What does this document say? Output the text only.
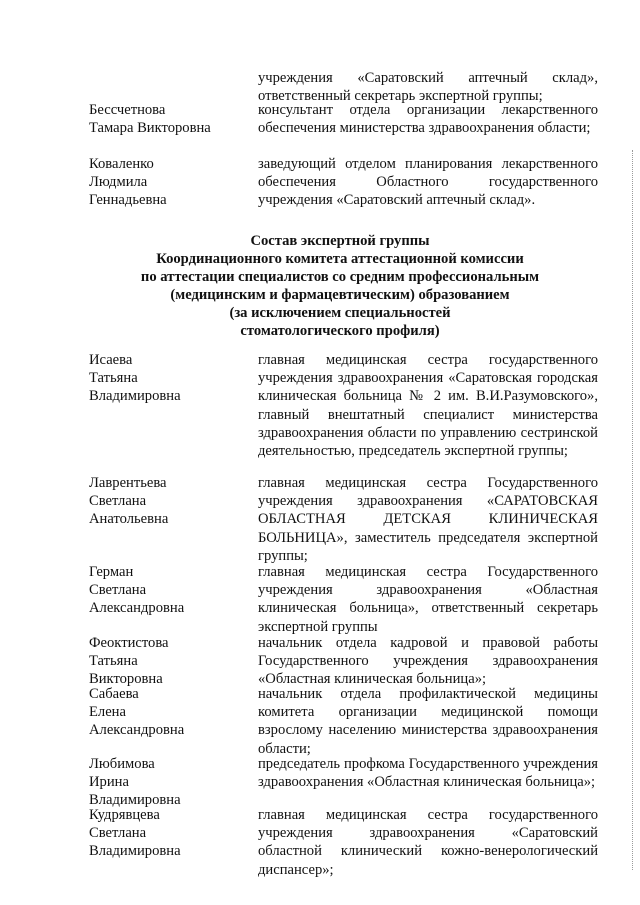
учреждения «Саратовский аптечный склад», ответственный секретарь экспертной группы;
Бессчетнова
Тамара Викторовна
консультант отдела организации лекарственного обеспечения министерства здравоохранения области;
Коваленко
Людмила
Геннадьевна
заведующий отделом планирования лекарственного обеспечения Областного государственного учреждения «Саратовский аптечный склад».
Состав экспертной группы
Координационного комитета аттестационной комиссии
по аттестации специалистов со средним профессиональным
(медицинским и фармацевтическим) образованием
(за исключением специальностей
стоматологического профиля)
Исаева
Татьяна
Владимировна
главная медицинская сестра государственного учреждения здравоохранения «Саратовская городская клиническая больница № 2 им. В.И.Разумовского», главный внештатный специалист министерства здравоохранения области по управлению сестринской деятельностью, председатель экспертной группы;
Лаврентьева
Светлана
Анатольевна
главная медицинская сестра Государственного учреждения здравоохранения «САРАТОВСКАЯ ОБЛАСТНАЯ ДЕТСКАЯ КЛИНИЧЕСКАЯ БОЛЬНИЦА», заместитель председателя экспертной группы;
Герман
Светлана
Александровна
главная медицинская сестра Государственного учреждения здравоохранения «Областная клиническая больница», ответственный секретарь экспертной группы
Феоктистова
Татьяна
Викторовна
начальник отдела кадровой и правовой работы Государственного учреждения здравоохранения «Областная клиническая больница»;
Сабаева
Елена
Александровна
начальник отдела профилактической медицины комитета организации медицинской помощи взрослому населению министерства здравоохранения области;
Любимова
Ирина
Владимировна
председатель профкома Государственного учреждения здравоохранения «Областная клиническая больница»;
Кудрявцева
Светлана
Владимировна
главная медицинская сестра государственного учреждения здравоохранения «Саратовский областной клинический кожно-венерологический диспансер»;
